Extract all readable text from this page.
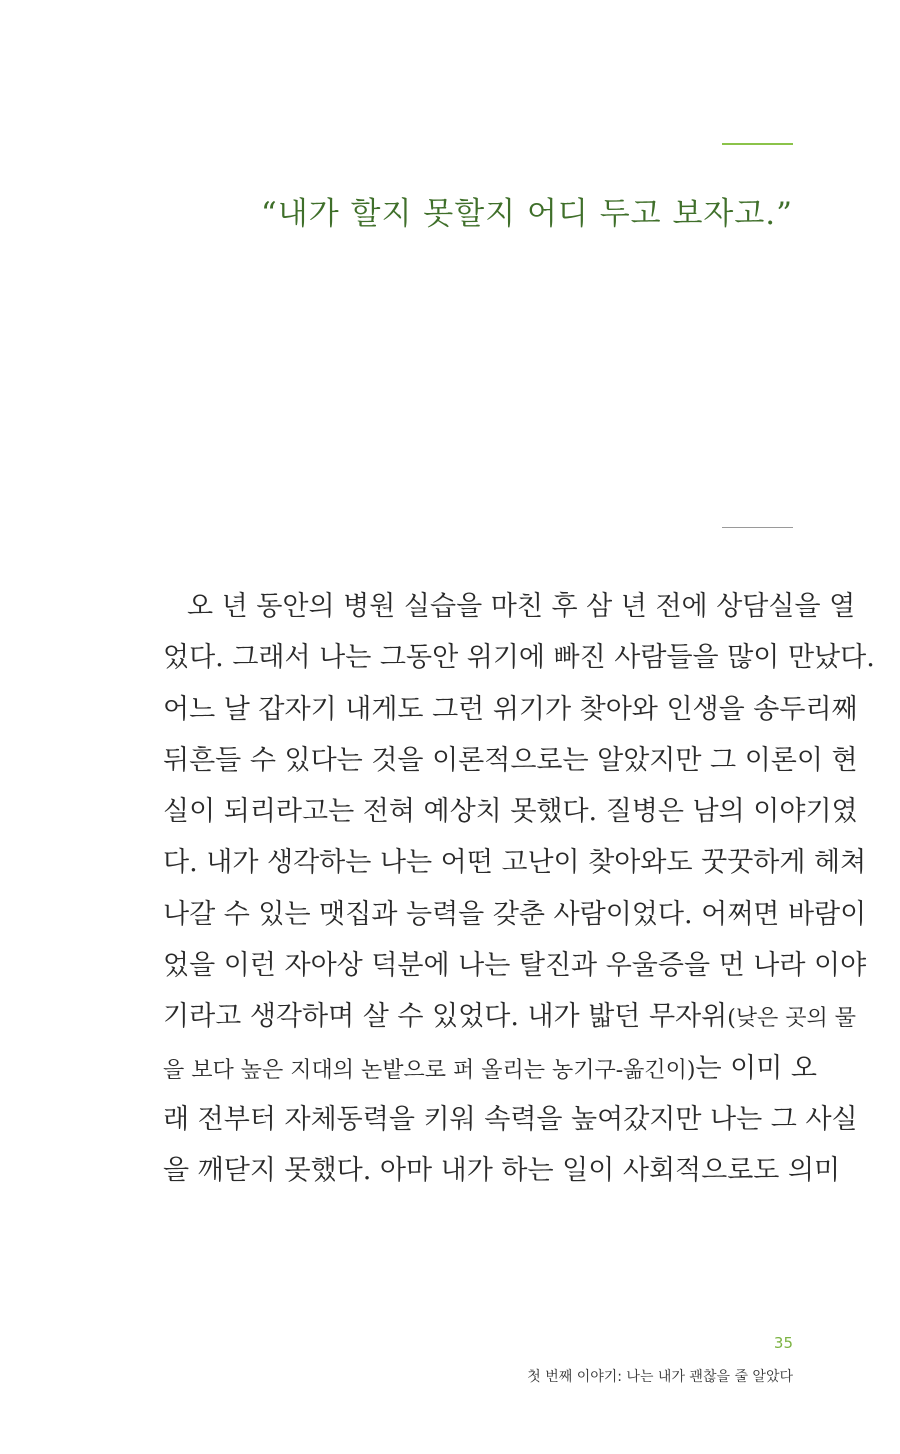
“내가 할지 못할지 어디 두고 보자고.”
오 년 동안의 병원 실습을 마친 후 삼 년 전에 상담실을 열
었다. 그래서 나는 그동안 위기에 빠진 사람들을 많이 만났다.
어느 날 갑자기 내게도 그런 위기가 찾아와 인생을 송두리째
뒤흔들 수 있다는 것을 이론적으로는 알았지만 그 이론이 현
실이 되리라고는 전혀 예상치 못했다. 질병은 남의 이야기였
다. 내가 생각하는 나는 어떤 고난이 찾아와도 꿋꿋하게 헤쳐
나갈 수 있는 맷집과 능력을 갖춘 사람이었다. 어쩌면 바람이
었을 이런 자아상 덕분에 나는 탈진과 우울증을 먼 나라 이야
기라고 생각하며 살 수 있었다. 내가 밟던 무자위(낮은 곳의 물
을 보다 높은 지대의 논밭으로 퍼 올리는 농기구-옮긴이)는 이미 오
래 전부터 자체동력을 키워 속력을 높여갔지만 나는 그 사실
을 깨닫지 못했다. 아마 내가 하는 일이 사회적으로도 의미
35
첫 번째 이야기: 나는 내가 괜찮을 줄 알았다
